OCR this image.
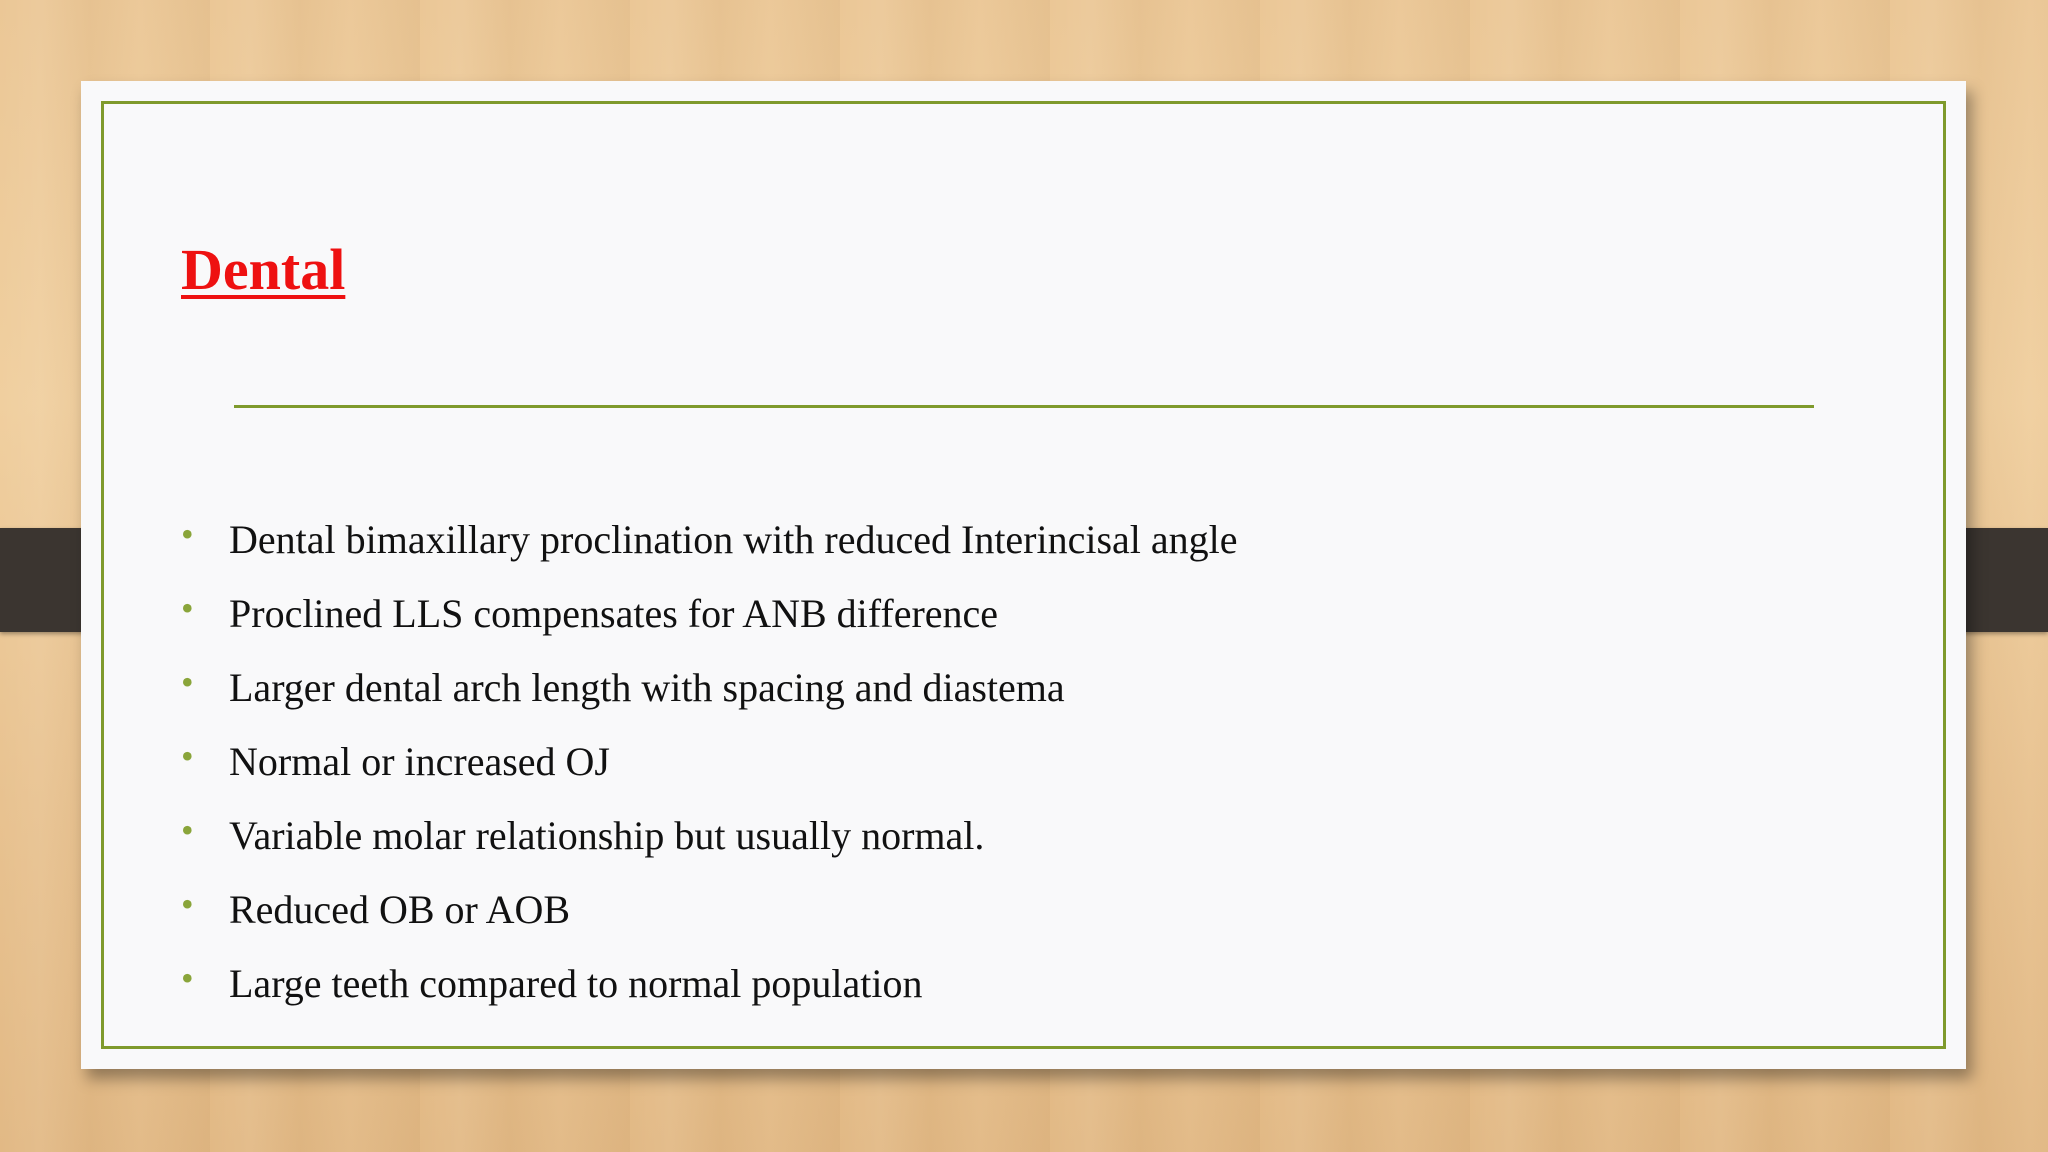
Dental
• Dental bimaxillary proclination with reduced Interincisal angle
• Proclined LLS compensates for ANB difference
• Larger dental arch length with spacing and diastema
• Normal or increased OJ
• Variable molar relationship but usually normal.
• Reduced OB or AOB
• Large teeth compared to normal population
